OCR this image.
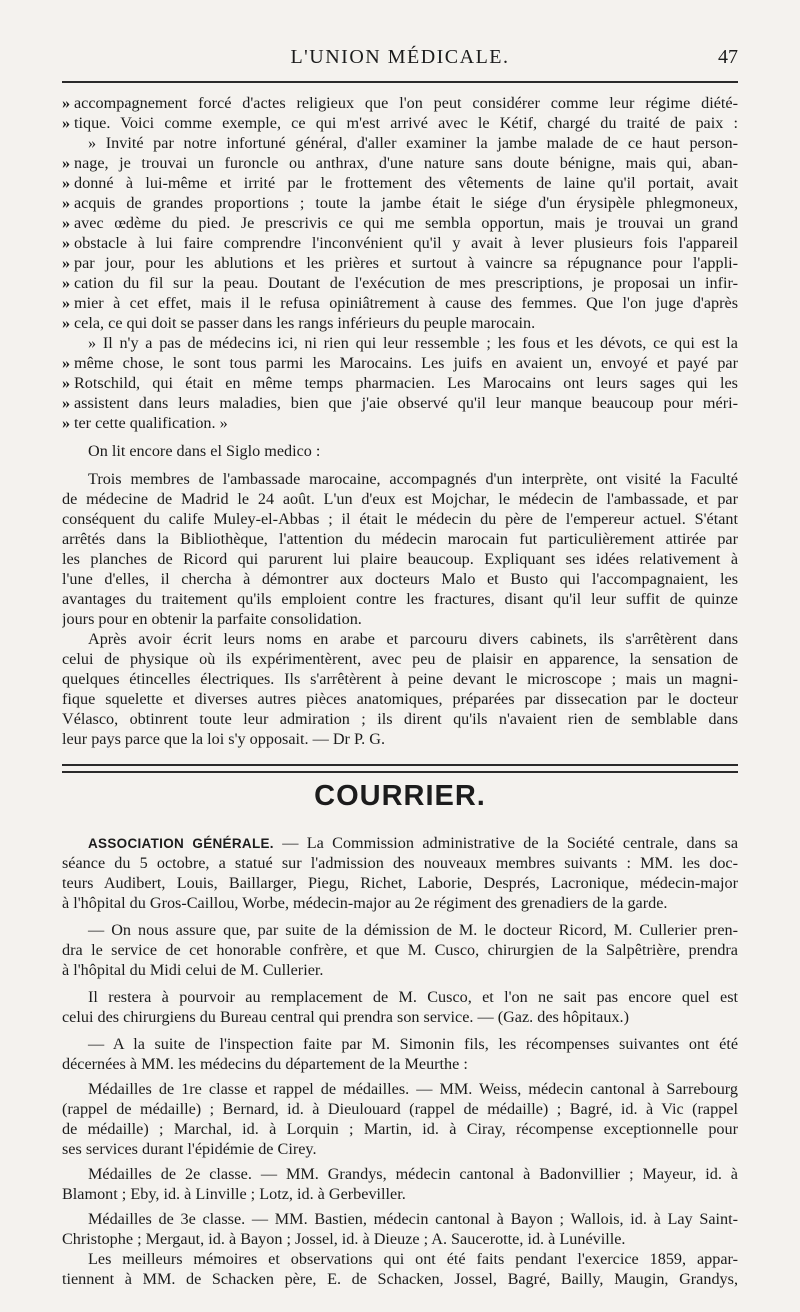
L'UNION MÉDICALE.	47
» accompagnement forcé d'actes religieux que l'on peut considérer comme leur régime diété-
» tique. Voici comme exemple, ce qui m'est arrivé avec le Kétif, chargé du traité de paix :
» Invité par notre infortuné général, d'aller examiner la jambe malade de ce haut person-
» nage, je trouvai un furoncle ou anthrax, d'une nature sans doute bénigne, mais qui, aban-
» donné à lui-même et irrité par le frottement des vêtements de laine qu'il portait, avait
» acquis de grandes proportions ; toute la jambe était le siége d'un érysipèle phlegmoneux,
» avec œdème du pied. Je prescrivis ce qui me sembla opportun, mais je trouvai un grand
» obstacle à lui faire comprendre l'inconvénient qu'il y avait à lever plusieurs fois l'appareil
» par jour, pour les ablutions et les prières et surtout à vaincre sa répugnance pour l'appli-
» cation du fil sur la peau. Doutant de l'exécution de mes prescriptions, je proposai un infir-
» mier à cet effet, mais il le refusa opiniâtrement à cause des femmes. Que l'on juge d'après
» cela, ce qui doit se passer dans les rangs inférieurs du peuple marocain.
» Il n'y a pas de médecins ici, ni rien qui leur ressemble ; les fous et les dévots, ce qui est la
» même chose, le sont tous parmi les Marocains. Les juifs en avaient un, envoyé et payé par
» Rotschild, qui était en même temps pharmacien. Les Marocains ont leurs sages qui les
» assistent dans leurs maladies, bien que j'aie observé qu'il leur manque beaucoup pour méri-
» ter cette qualification. »
On lit encore dans el Siglo medico :
Trois membres de l'ambassade marocaine, accompagnés d'un interprète, ont visité la Faculté
de médecine de Madrid le 24 août. L'un d'eux est Mojchar, le médecin de l'ambassade, et par
conséquent du calife Muley-el-Abbas ; il était le médecin du père de l'empereur actuel. S'étant
arrêtés dans la Bibliothèque, l'attention du médecin marocain fut particulièrement attirée par
les planches de Ricord qui parurent lui plaire beaucoup. Expliquant ses idées relativement à
l'une d'elles, il chercha à démontrer aux docteurs Malo et Busto qui l'accompagnaient, les
avantages du traitement qu'ils emploient contre les fractures, disant qu'il leur suffit de quinze
jours pour en obtenir la parfaite consolidation.
Après avoir écrit leurs noms en arabe et parcouru divers cabinets, ils s'arrêtèrent dans
celui de physique où ils expérimentèrent, avec peu de plaisir en apparence, la sensation de
quelques étincelles électriques. Ils s'arrêtèrent à peine devant le microscope ; mais un magni-
fique squelette et diverses autres pièces anatomiques, préparées par dissecation par le docteur
Vélasco, obtinrent toute leur admiration ; ils dirent qu'ils n'avaient rien de semblable dans
leur pays parce que la loi s'y opposait. — Dr P. G.
COURRIER.
ASSOCIATION GÉNÉRALE. — La Commission administrative de la Société centrale, dans sa
séance du 5 octobre, a statué sur l'admission des nouveaux membres suivants : MM. les doc-
teurs Audibert, Louis, Baillarger, Piegu, Richet, Laborie, Després, Lacronique, médecin-major
à l'hôpital du Gros-Caillou, Worbe, médecin-major au 2e régiment des grenadiers de la garde.
— On nous assure que, par suite de la démission de M. le docteur Ricord, M. Cullerier pren-
dra le service de cet honorable confrère, et que M. Cusco, chirurgien de la Salpêtrière, prendra
à l'hôpital du Midi celui de M. Cullerier.
Il restera à pourvoir au remplacement de M. Cusco, et l'on ne sait pas encore quel est
celui des chirurgiens du Bureau central qui prendra son service. — (Gaz. des hôpitaux.)
— A la suite de l'inspection faite par M. Simonin fils, les récompenses suivantes ont été
décernées à MM. les médecins du département de la Meurthe :
Médailles de 1re classe et rappel de médailles. — MM. Weiss, médecin cantonal à Sarrebourg
(rappel de médaille) ; Bernard, id. à Dieulouard (rappel de médaille) ; Bagré, id. à Vic (rappel
de médaille) ; Marchal, id. à Lorquin ; Martin, id. à Ciray, récompense exceptionnelle pour
ses services durant l'épidémie de Cirey.
Médailles de 2e classe. — MM. Grandys, médecin cantonal à Badonvillier ; Mayeur, id. à
Blamont ; Eby, id. à Linville ; Lotz, id. à Gerbeviller.
Médailles de 3e classe. — MM. Bastien, médecin cantonal à Bayon ; Wallois, id. à Lay Saint-
Christophe ; Mergaut, id. à Bayon ; Jossel, id. à Dieuze ; A. Saucerotte, id. à Lunéville.
Les meilleurs mémoires et observations qui ont été faits pendant l'exercice 1859, appar-
tiennent à MM. de Schacken père, E. de Schacken, Jossel, Bagré, Bailly, Maugin, Grandys,
